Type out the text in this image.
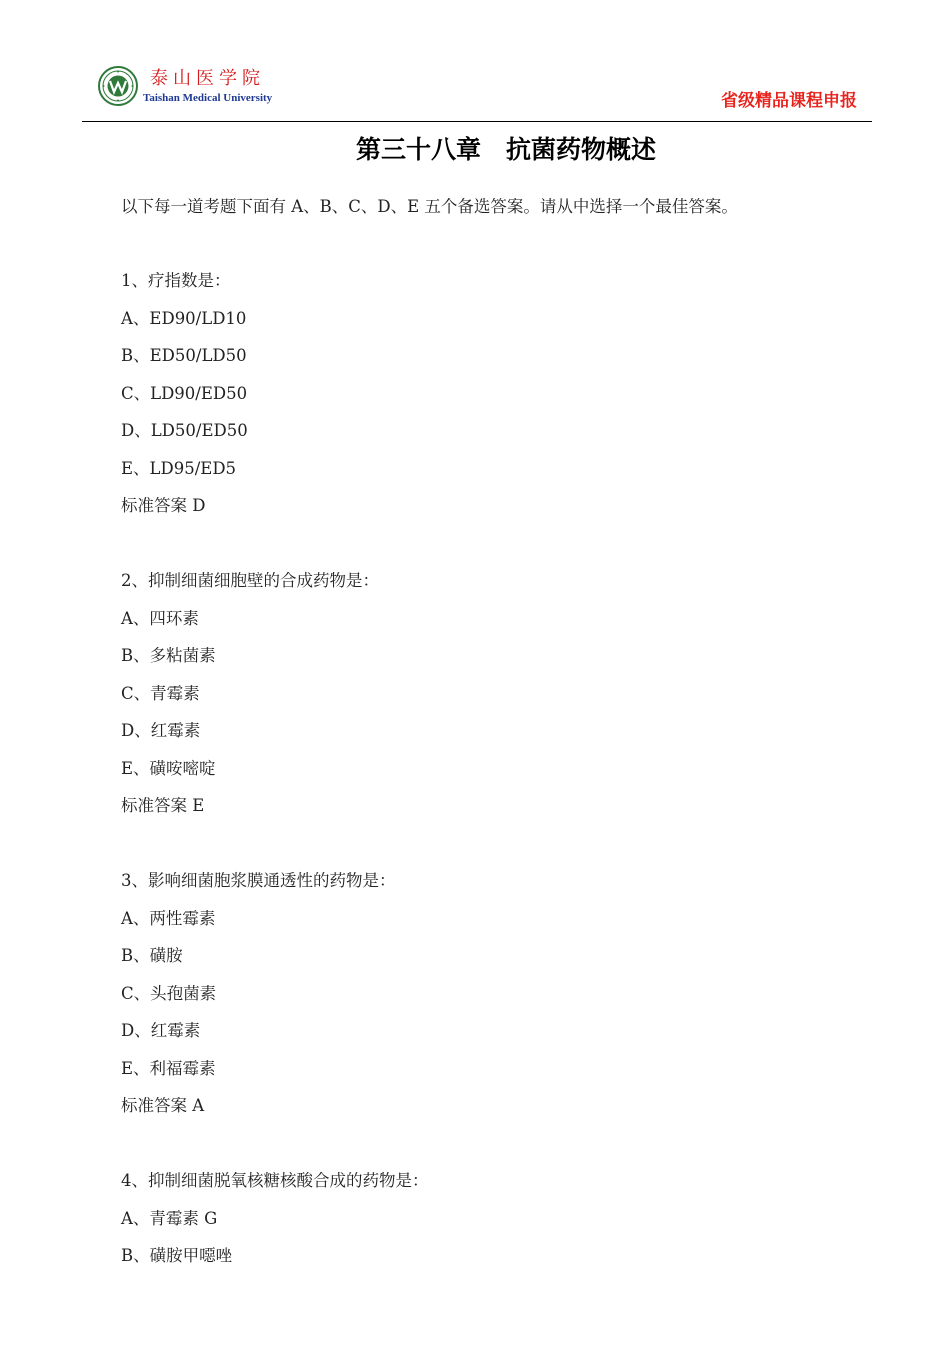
泰山医学院
Taishan Medical University	省级精品课程申报
第三十八章　抗菌药物概述
以下每一道考题下面有 A、B、C、D、E 五个备选答案。请从中选择一个最佳答案。
1、疗指数是：
A、ED90/LD10
B、ED50/LD50
C、LD90/ED50
D、LD50/ED50
E、LD95/ED5
标准答案 D
2、抑制细菌细胞壁的合成药物是：
A、四环素
B、多粘菌素
C、青霉素
D、红霉素
E、磺咹嘧啶
标准答案 E
3、影响细菌胞浆膜通透性的药物是：
A、两性霉素
B、磺胺
C、头孢菌素
D、红霉素
E、利福霉素
标准答案 A
4、抑制细菌脱氧核糖核酸合成的药物是：
A、青霉素 G
B、磺胺甲噁唑
